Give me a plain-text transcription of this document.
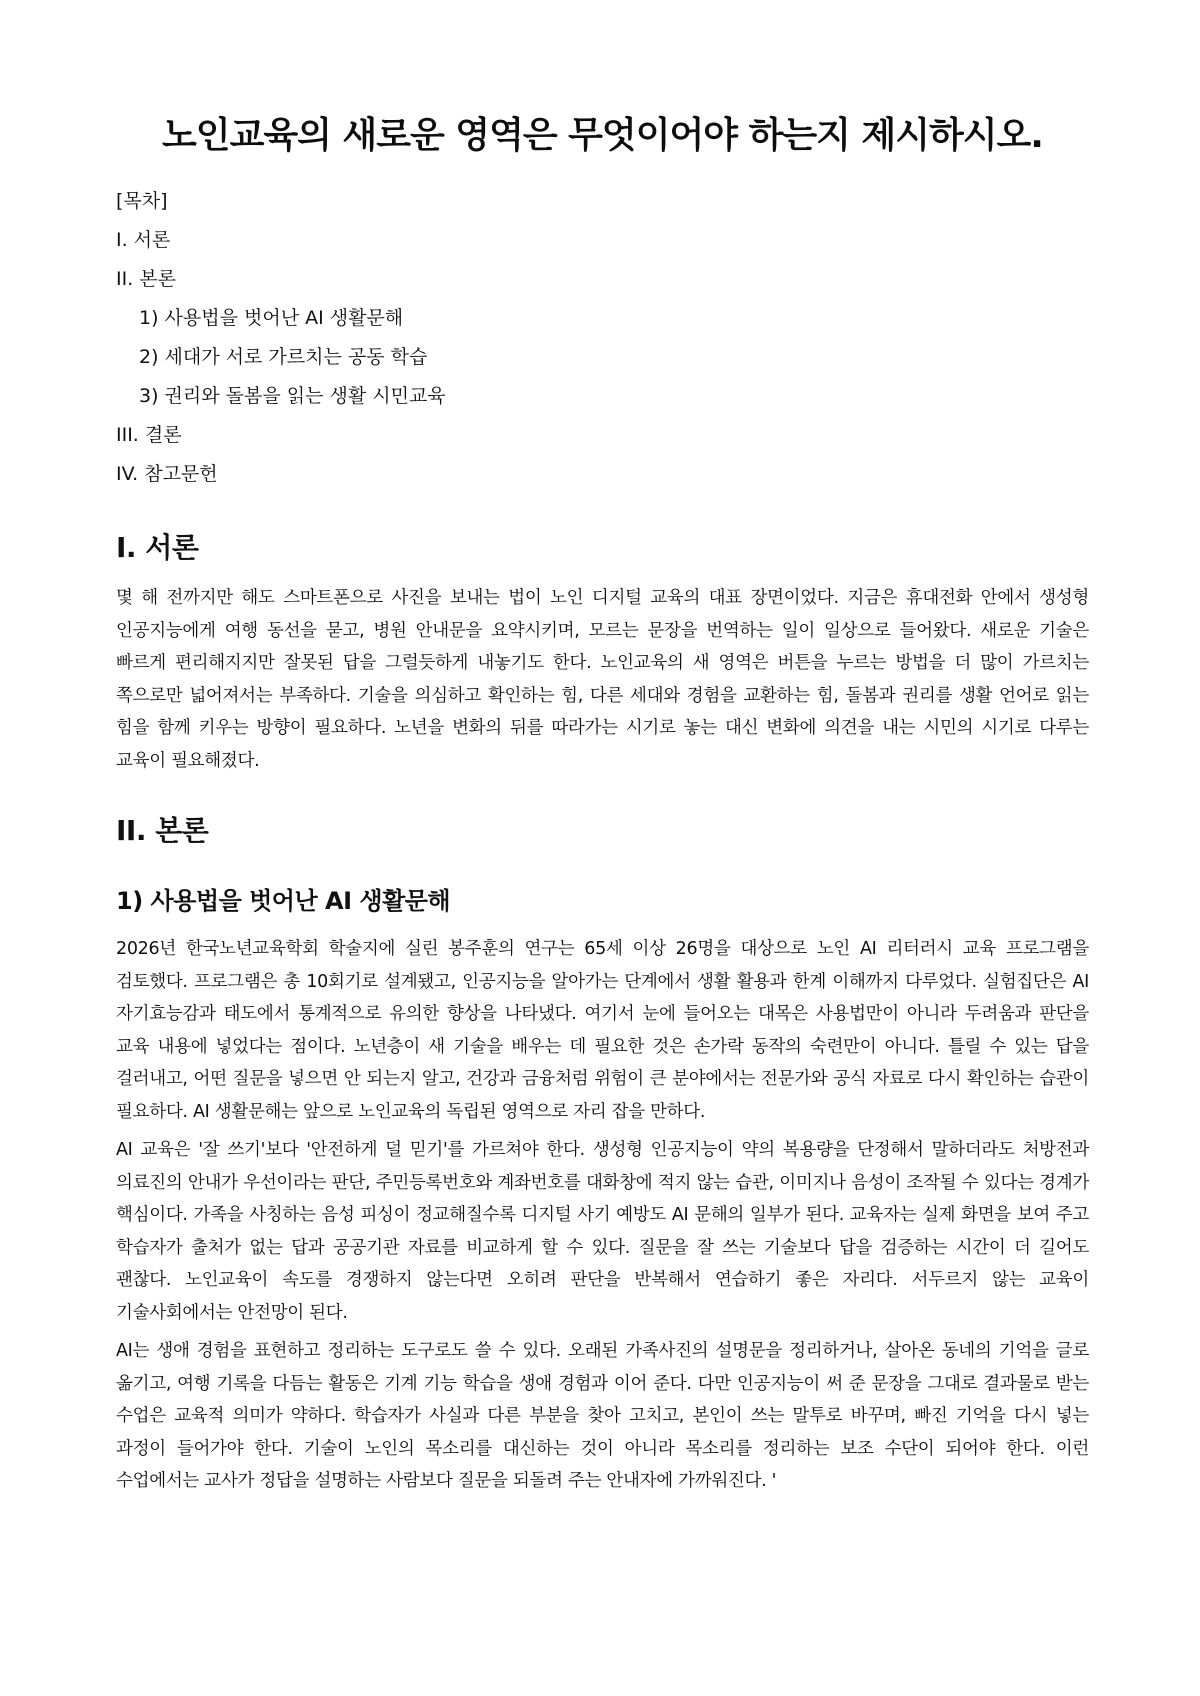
노인교육의 새로운 영역은 무엇이어야 하는지 제시하시오.

[목차]

I. 서론
II. 본론
1) 사용법을 벗어난 AI 생활문해
2) 세대가 서로 가르치는 공동 학습
3) 권리와 돌봄을 읽는 생활 시민교육
III. 결론
IV. 참고문헌
I. 서론

몇 해 전까지만 해도 스마트폰으로 사진을 보내는 법이 노인 디지털 교육의 대표 장면이었다. 지금은 휴대전화 안에서 생성형 인공지능에게 여행 동선을 묻고, 병원 안내문을 요약시키며, 모르는 문장을 번역하는 일이 일상으로 들어왔다. 새로운 기술은 빠르게 편리해지지만 잘못된 답을 그럴듯하게 내놓기도 한다. 노인교육의 새 영역은 버튼을 누르는 방법을 더 많이 가르치는 쪽으로만 넓어져서는 부족하다. 기술을 의심하고 확인하는 힘, 다른 세대와 경험을 교환하는 힘, 돌봄과 권리를 생활 언어로 읽는 힘을 함께 키우는 방향이 필요하다. 노년을 변화의 뒤를 따라가는 시기로 놓는 대신 변화에 의견을 내는 시민의 시기로 다루는 교육이 필요해졌다.

II. 본론
1) 사용법을 벗어난 AI 생활문해

2026년 한국노년교육학회 학술지에 실린 봉주훈의 연구는 65세 이상 26명을 대상으로 노인 AI 리터러시 교육 프로그램을 검토했다. 프로그램은 총 10회기로 설계됐고, 인공지능을 알아가는 단계에서 생활 활용과 한계 이해까지 다루었다. 실험집단은 AI 자기효능감과 태도에서 통계적으로 유의한 향상을 나타냈다. 여기서 눈에 들어오는 대목은 사용법만이 아니라 두려움과 판단을 교육 내용에 넣었다는 점이다. 노년층이 새 기술을 배우는 데 필요한 것은 손가락 동작의 숙련만이 아니다. 틀릴 수 있는 답을 걸러내고, 어떤 질문을 넣으면 안 되는지 알고, 건강과 금융처럼 위험이 큰 분야에서는 전문가와 공식 자료로 다시 확인하는 습관이 필요하다. AI 생활문해는 앞으로 노인교육의 독립된 영역으로 자리 잡을 만하다.

AI 교육은 '잘 쓰기'보다 '안전하게 덜 믿기'를 가르쳐야 한다. 생성형 인공지능이 약의 복용량을 단정해서 말하더라도 처방전과 의료진의 안내가 우선이라는 판단, 주민등록번호와 계좌번호를 대화창에 적지 않는 습관, 이미지나 음성이 조작될 수 있다는 경계가 핵심이다. 가족을 사칭하는 음성 피싱이 정교해질수록 디지털 사기 예방도 AI 문해의 일부가 된다. 교육자는 실제 화면을 보여 주고 학습자가 출처가 없는 답과 공공기관 자료를 비교하게 할 수 있다. 질문을 잘 쓰는 기술보다 답을 검증하는 시간이 더 길어도 괜찮다. 노인교육이 속도를 경쟁하지 않는다면 오히려 판단을 반복해서 연습하기 좋은 자리다. 서두르지 않는 교육이 기술사회에서는 안전망이 된다.

AI는 생애 경험을 표현하고 정리하는 도구로도 쓸 수 있다. 오래된 가족사진의 설명문을 정리하거나, 살아온 동네의 기억을 글로 옮기고, 여행 기록을 다듬는 활동은 기계 기능 학습을 생애 경험과 이어 준다. 다만 인공지능이 써 준 문장을 그대로 결과물로 받는 수업은 교육적 의미가 약하다. 학습자가 사실과 다른 부분을 찾아 고치고, 본인이 쓰는 말투로 바꾸며, 빠진 기억을 다시 넣는 과정이 들어가야 한다. 기술이 노인의 목소리를 대신하는 것이 아니라 목소리를 정리하는 보조 수단이 되어야 한다. 이런 수업에서는 교사가 정답을 설명하는 사람보다 질문을 되돌려 주는 안내자에 가까워진다. '
